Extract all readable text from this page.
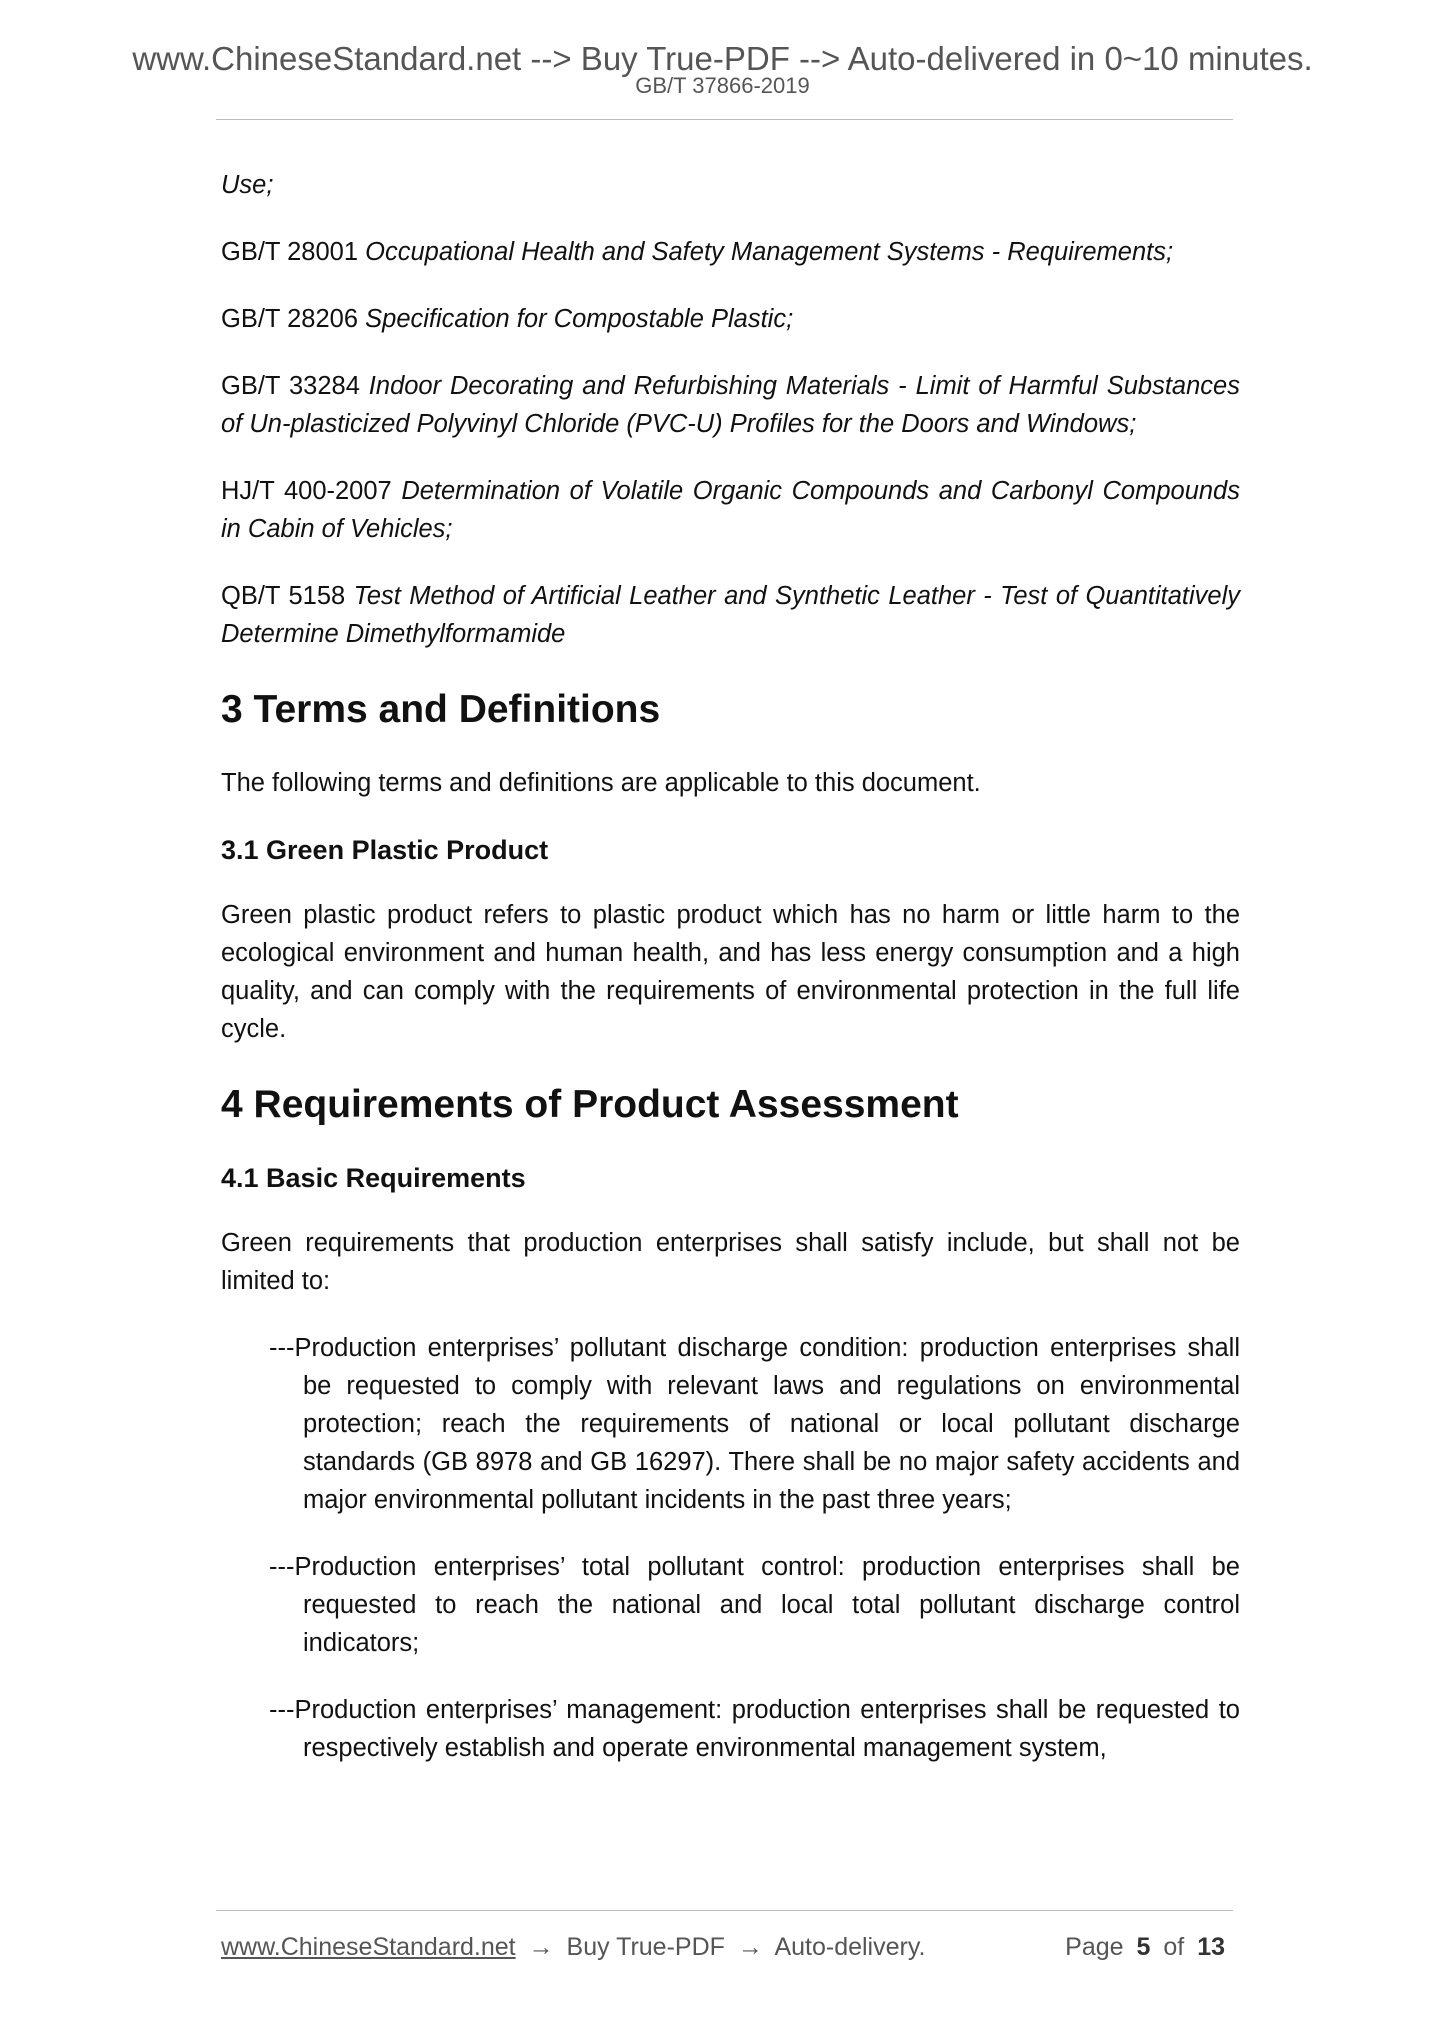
www.ChineseStandard.net --> Buy True-PDF --> Auto-delivered in 0~10 minutes.
GB/T 37866-2019

Use;

GB/T 28001 Occupational Health and Safety Management Systems - Requirements;

GB/T 28206 Specification for Compostable Plastic;

GB/T 33284 Indoor Decorating and Refurbishing Materials - Limit of Harmful Substances of Un-plasticized Polyvinyl Chloride (PVC-U) Profiles for the Doors and Windows;

HJ/T 400-2007 Determination of Volatile Organic Compounds and Carbonyl Compounds in Cabin of Vehicles;

QB/T 5158 Test Method of Artificial Leather and Synthetic Leather - Test of Quantitatively Determine Dimethylformamide

3 Terms and Definitions

The following terms and definitions are applicable to this document.

3.1 Green Plastic Product

Green plastic product refers to plastic product which has no harm or little harm to the ecological environment and human health, and has less energy consumption and a high quality, and can comply with the requirements of environmental protection in the full life cycle.

4 Requirements of Product Assessment
4.1 Basic Requirements

Green requirements that production enterprises shall satisfy include, but shall not be limited to:

---Production enterprises’ pollutant discharge condition: production enterprises shall be requested to comply with relevant laws and regulations on environmental protection; reach the requirements of national or local pollutant discharge standards (GB 8978 and GB 16297). There shall be no major safety accidents and major environmental pollutant incidents in the past three years;

---Production enterprises’ total pollutant control: production enterprises shall be requested to reach the national and local total pollutant discharge control indicators;

---Production enterprises’ management: production enterprises shall be requested to respectively establish and operate environmental management system,

www.ChineseStandard.net → Buy True-PDF → Auto-delivery.	Page 5 of 13
